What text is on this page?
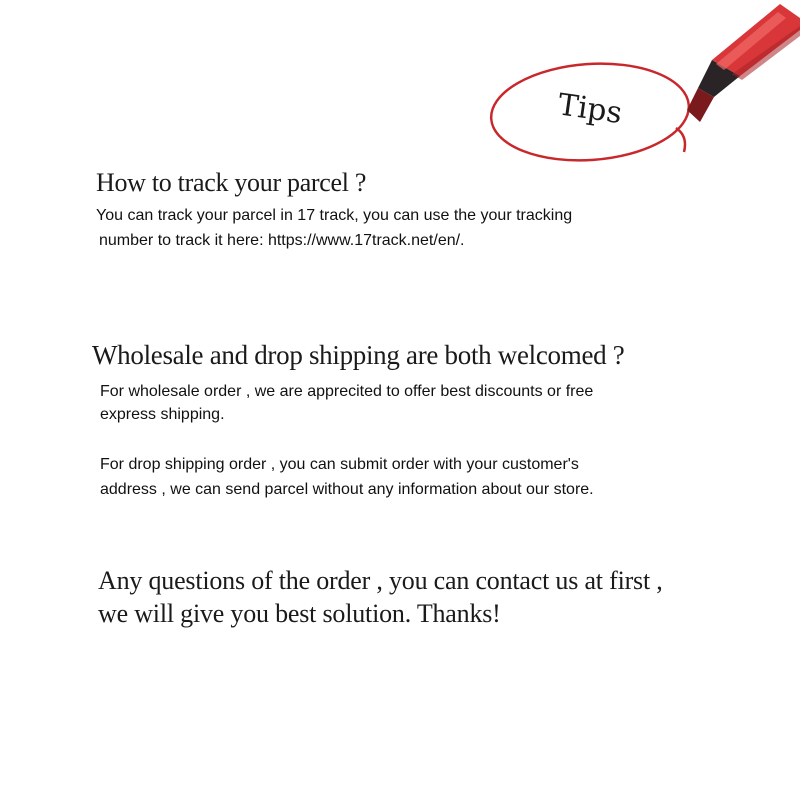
Tips
How to track your parcel ?

You can track your parcel in 17 track, you can use the your tracking

number to track it here: https://www.17track.net/en/.

Wholesale and drop shipping are both welcomed ?

For wholesale order , we are apprecited to offer best discounts or free

express shipping.

For drop shipping order , you can submit order with your customer's

address , we can send parcel without any information about our store.

Any questions of the order , you can contact us at first ,
we will give you best solution. Thanks!
